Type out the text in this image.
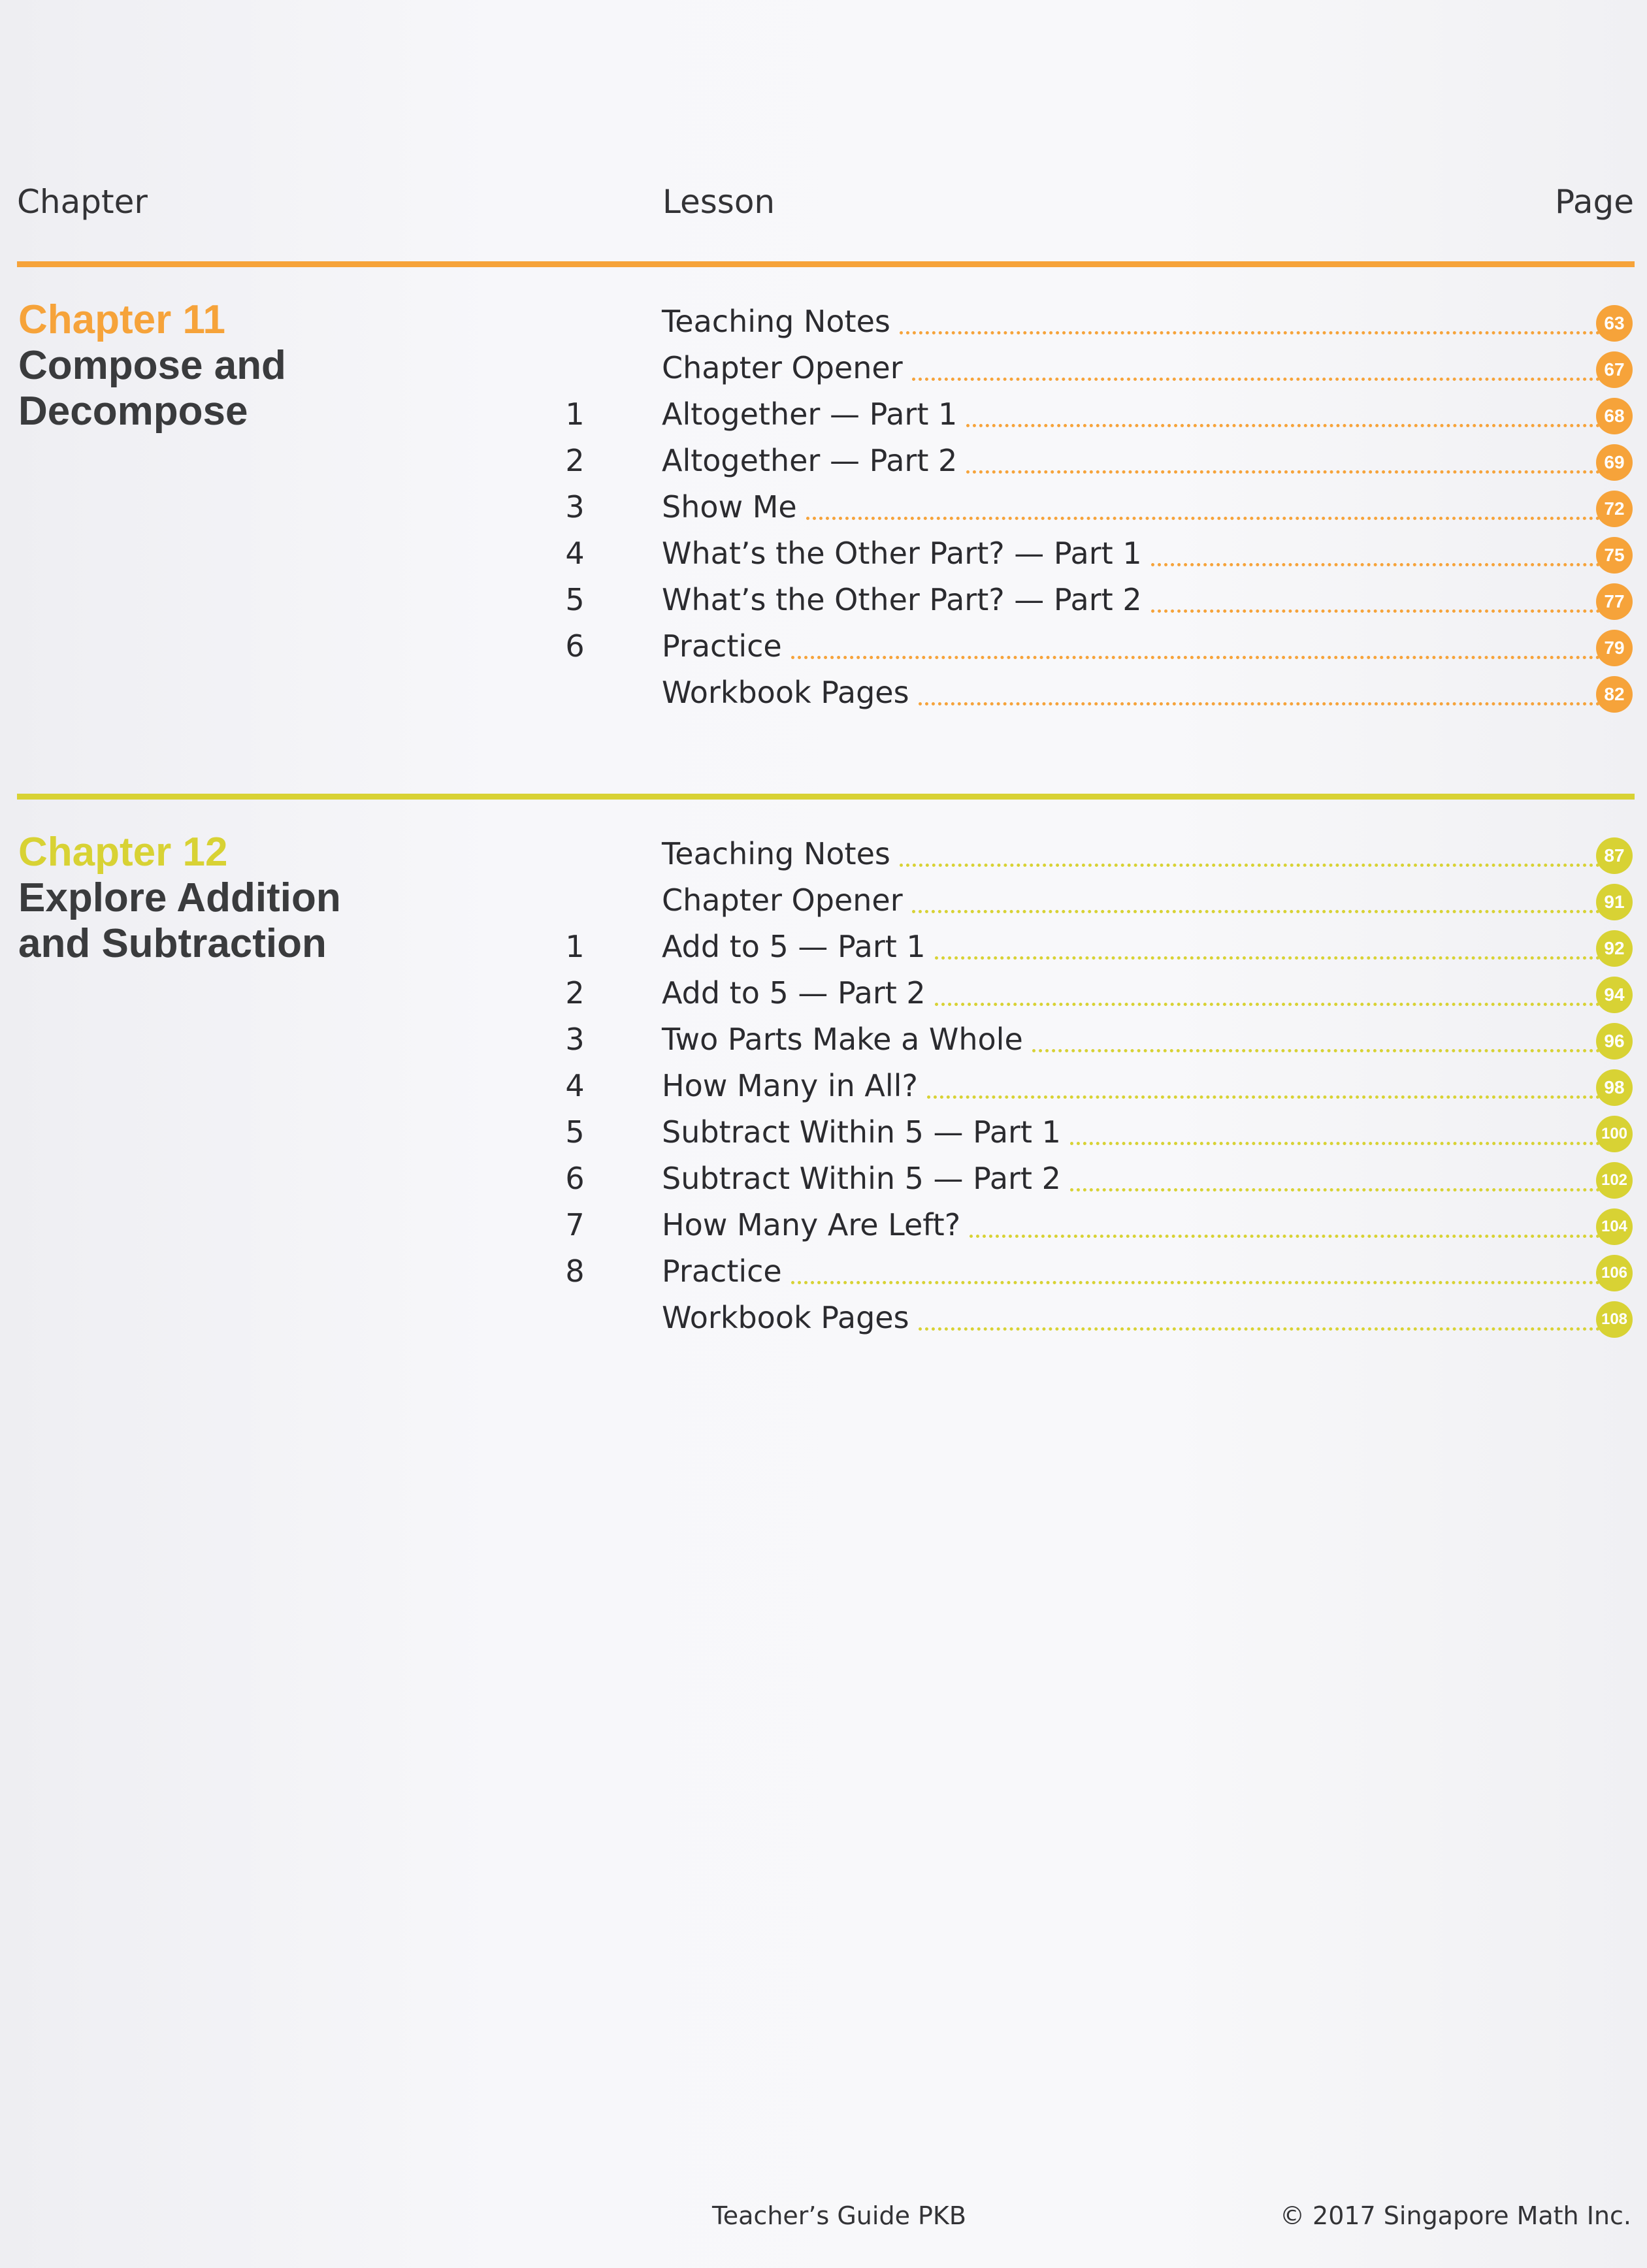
Chapter	Lesson	Page
Chapter 11
Compose and
Decompose
Teaching Notes	63
Chapter Opener	67
1	Altogether — Part 1	68
2	Altogether — Part 2	69
3	Show Me	72
4	What’s the Other Part? — Part 1	75
5	What’s the Other Part? — Part 2	77
6	Practice	79
Workbook Pages	82
Chapter 12
Explore Addition
and Subtraction
Teaching Notes	87
Chapter Opener	91
1	Add to 5 — Part 1	92
2	Add to 5 — Part 2	94
3	Two Parts Make a Whole	96
4	How Many in All?	98
5	Subtract Within 5 — Part 1	100
6	Subtract Within 5 — Part 2	102
7	How Many Are Left?	104
8	Practice	106
Workbook Pages	108
Teacher’s Guide PKB	© 2017 Singapore Math Inc.
